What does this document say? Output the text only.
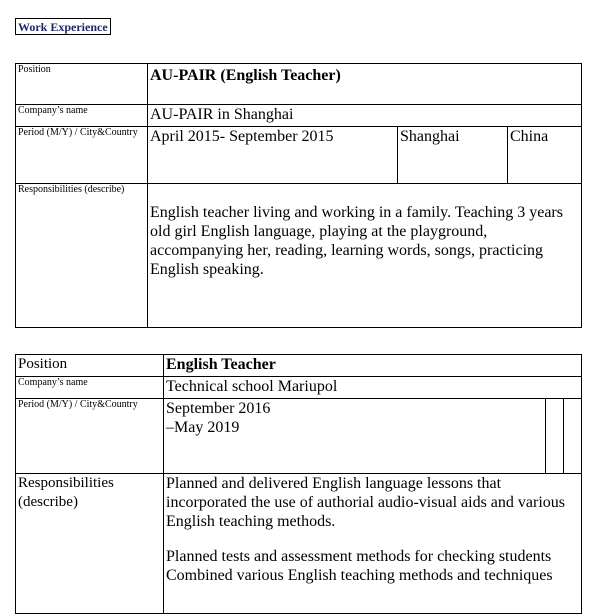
Work Experience
Position	AU-PAIR (English Teacher)		
Company’s name	AU-PAIR in Shanghai		
Period (M/Y) / City&Country	April 2015- September 2015	Shanghai	China
Responsibilities (describe)	English teacher living and working in a family. Teaching 3 years old girl English language, playing at the playground, accompanying her, reading, learning words, songs, practicing English speaking.		
Position	English Teacher		
Company’s name	Technical school Mariupol		
Period (M/Y) / City&Country	September 2016
–May 2019		

Responsibilities (describe)	Planned and delivered English language lessons that incorporated the use of authorial audio-visual aids and various English teaching methods.

Planned tests and assessment methods for checking students
Combined various English teaching methods and techniques		
